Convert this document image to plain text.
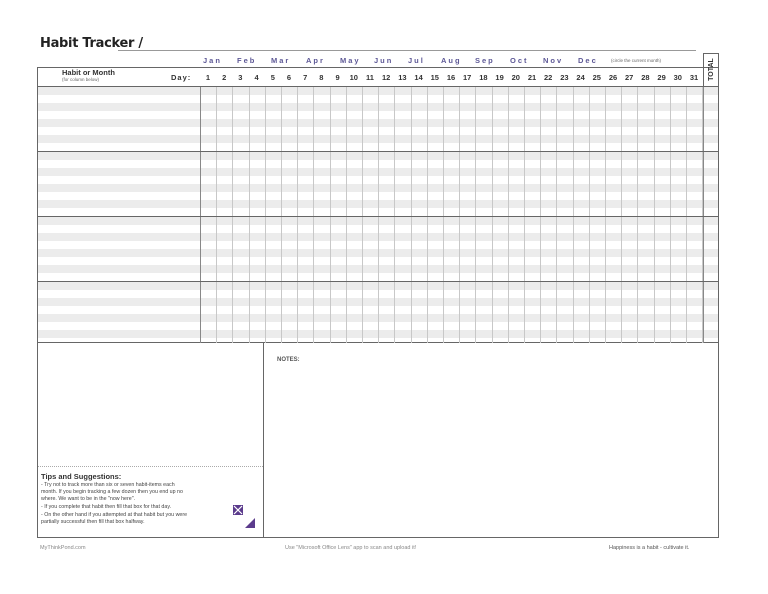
Habit Tracker /
Jan Feb Mar Apr May Jun Jul Aug Sep Oct Nov Dec	(circle the current month)	TOTAL
Habit or Month
(for column below)	Day:	1	2	3	4	5	6	7	8	9	10	11	12	13	14	15	16	17	18	19	20	21	22	23	24	25	26	27	28	29	30	31
NOTES:
Tips and Suggestions:
- Try not to track more than six or seven habit-items each
month. If you begin tracking a few dozen then you end up no
where. We want to be in the "now here".
- If you complete that habit then fill that box for that day.
- On the other hand if you attempted at that habit but you were
partially successful then fill that box halfway.
MyThinkPond.com	Use "Microsoft Office Lens" app to scan and upload it!	Happiness is a habit - cultivate it.
